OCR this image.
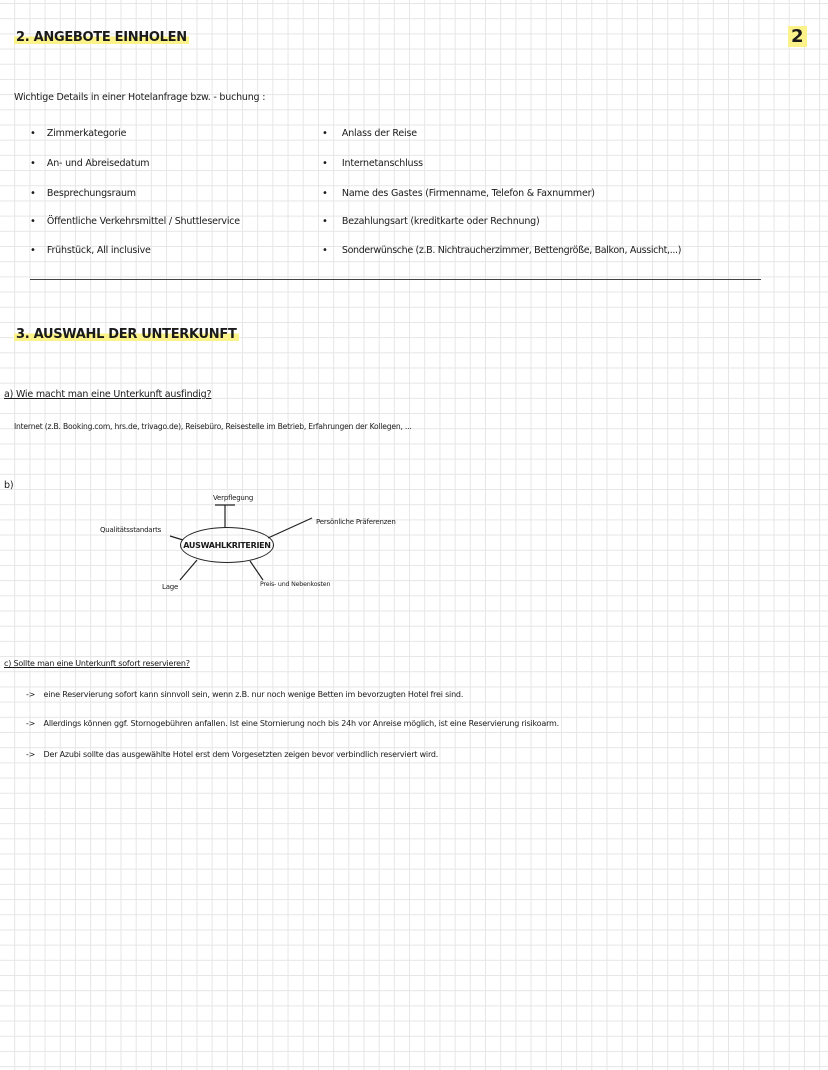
2
2. ANGEBOTE EINHOLEN
Wichtige Details in einer Hotelanfrage bzw. - buchung :
• Zimmerkategorie
• An- und Abreisedatum
• Besprechungsraum
• Öffentliche Verkehrsmittel / Shuttleservice
• Frühstück, All inclusive
• Anlass der Reise
• Internetanschluss
• Name des Gastes (Firmenname, Telefon & Faxnummer)
• Bezahlungsart (kreditkarte oder Rechnung)
• Sonderwünsche (z.B. Nichtraucherzimmer, Bettengröße, Balkon, Aussicht,...)
3. AUSWAHL DER UNTERKUNFT
a) Wie macht man eine Unterkunft ausfindig?
Internet (z.B. Booking.com, hrs.de, trivago.de), Reisebüro, Reisestelle im Betrieb, Erfahrungen der Kollegen, ...
b)
AUSWAHLKRITERIEN
Verpflegung
Qualitätsstandarts
Persönliche Präferenzen
Lage	Preis- und Nebenkosten
c) Sollte man eine Unterkunft sofort reservieren?
-> eine Reservierung sofort kann sinnvoll sein, wenn z.B. nur noch wenige Betten im bevorzugten Hotel frei sind.
-> Allerdings können ggf. Stornogebühren anfallen. Ist eine Stornierung noch bis 24h vor Anreise möglich, ist eine Reservierung risikoarm.
-> Der Azubi sollte das ausgewählte Hotel erst dem Vorgesetzten zeigen bevor verbindlich reserviert wird.
